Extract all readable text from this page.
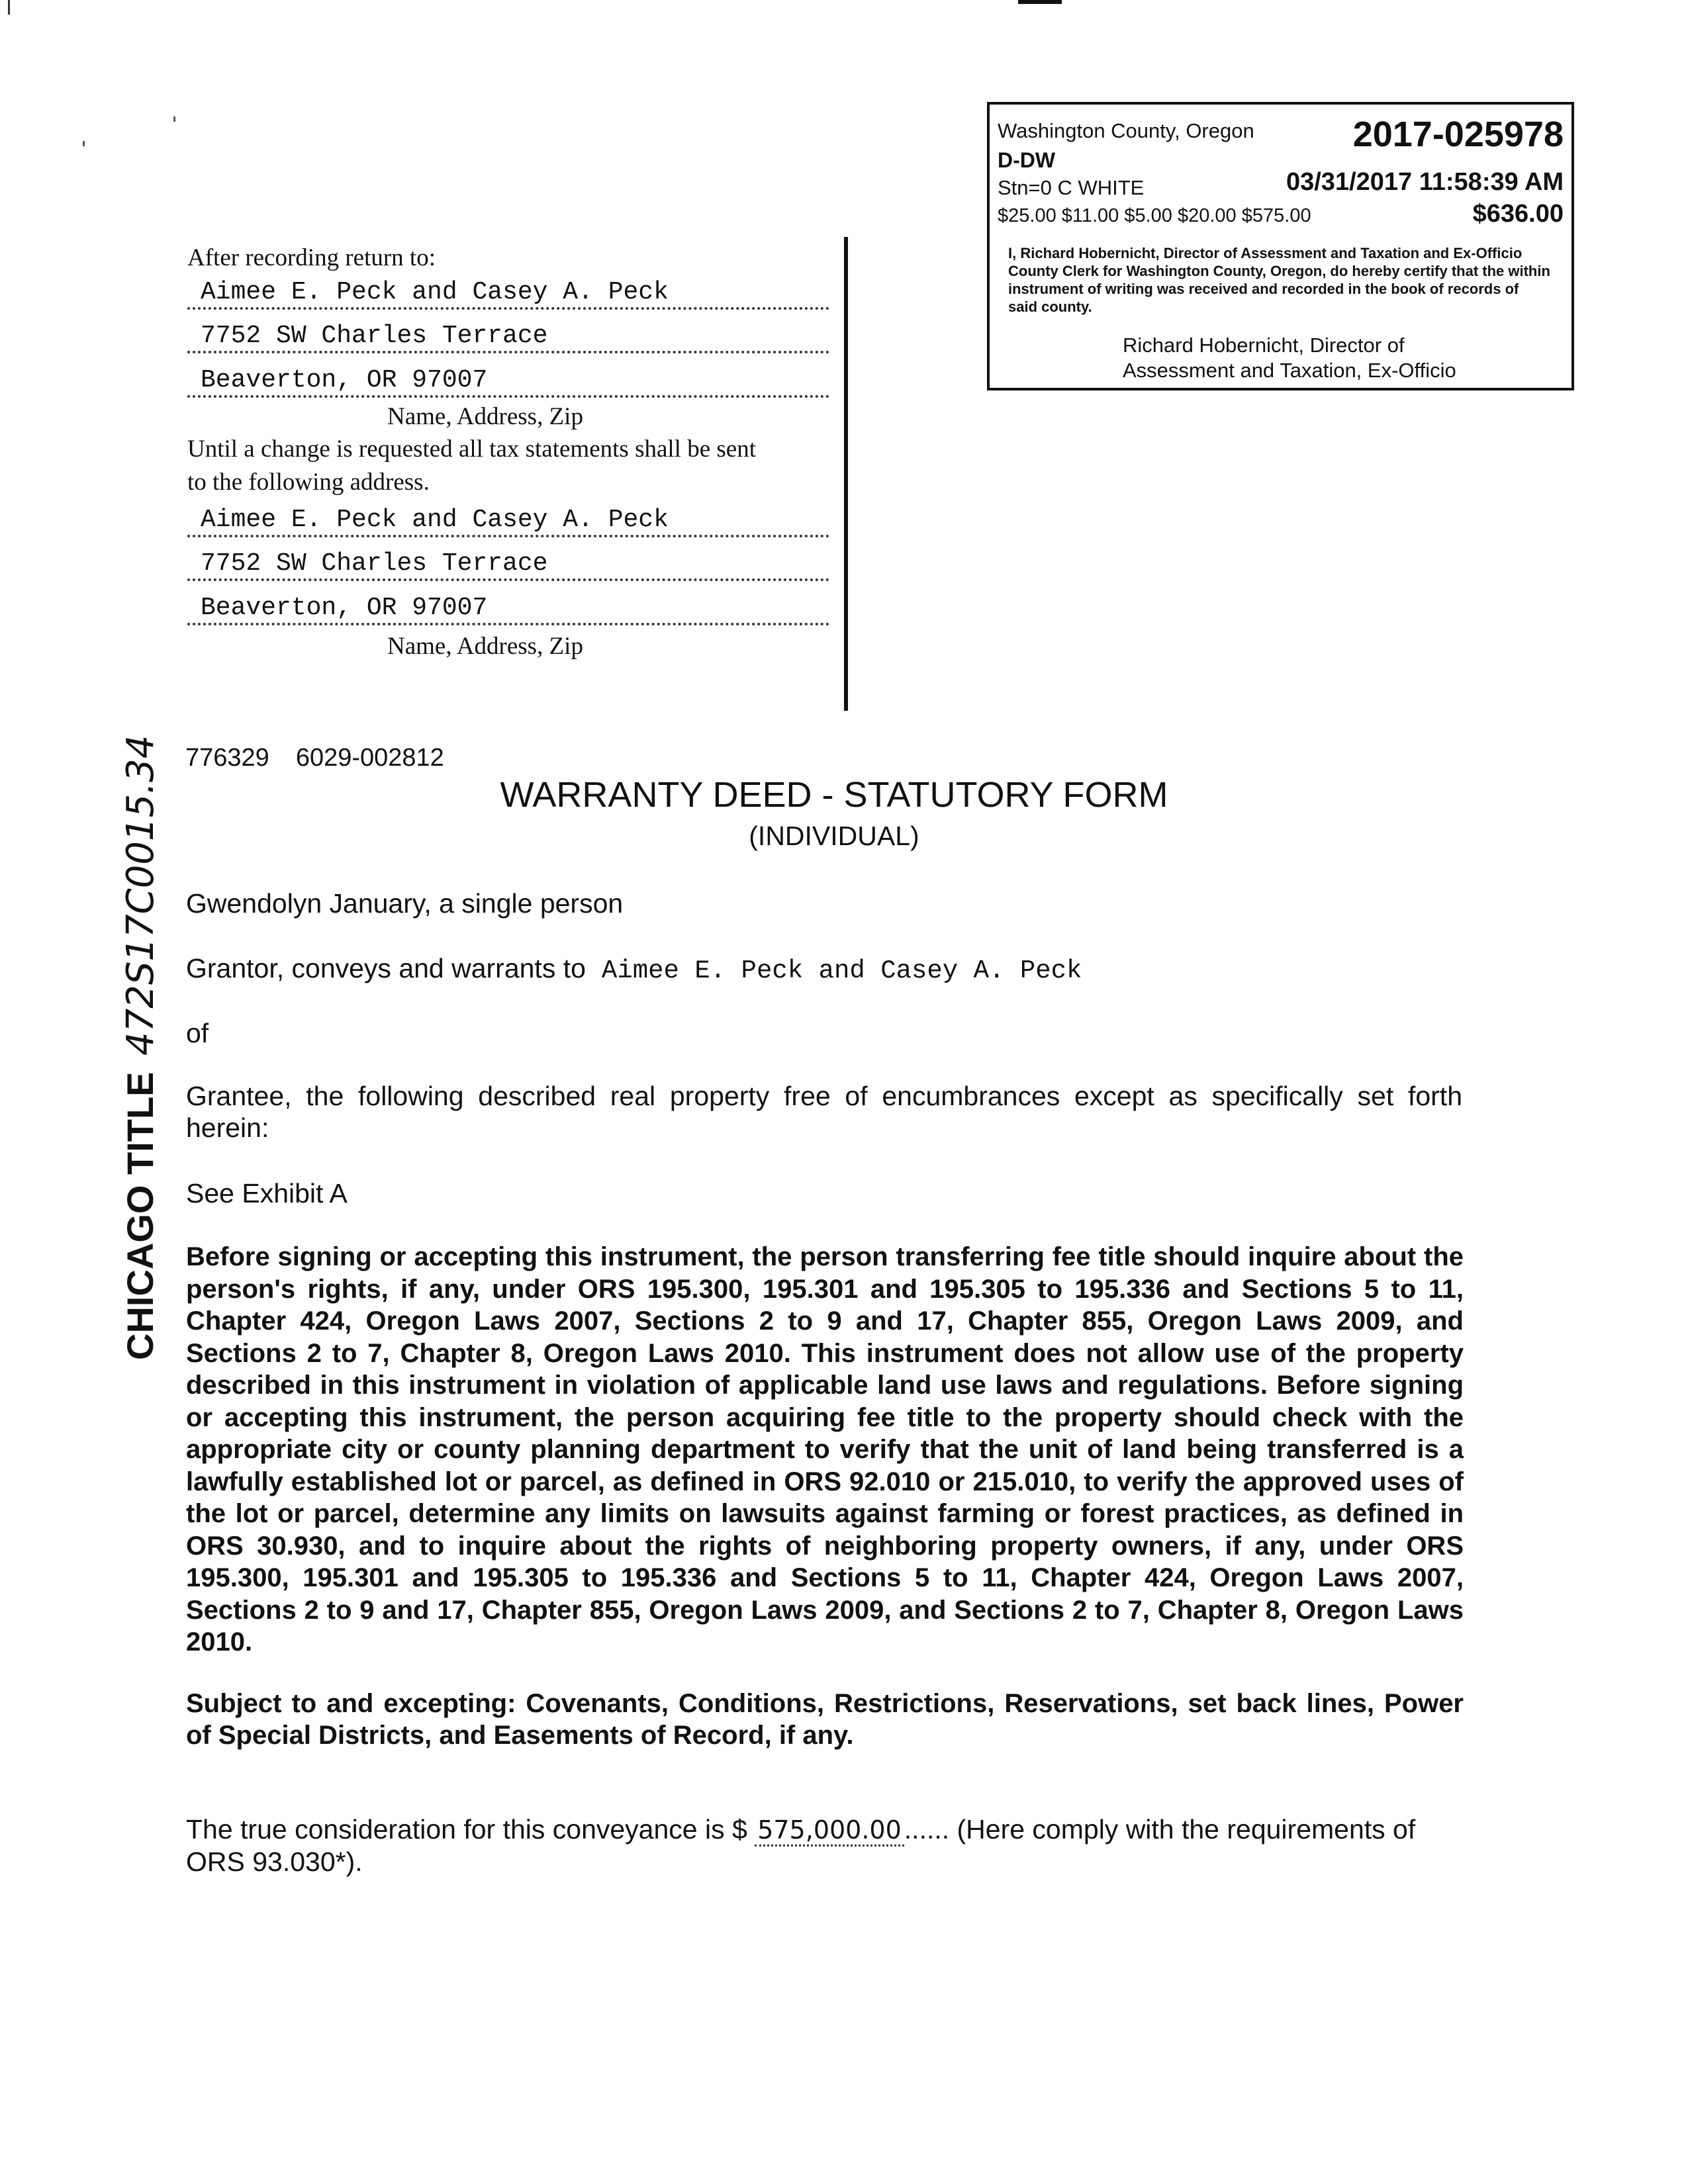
Washington County, Oregon	2017-025978
D-DW
Stn=0 C WHITE	03/31/2017 11:58:39 AM
$25.00 $11.00 $5.00 $20.00 $575.00	$636.00
I, Richard Hobernicht, Director of Assessment and Taxation and Ex-Officio County Clerk for Washington County, Oregon, do hereby certify that the within instrument of writing was received and recorded in the book of records of said county.
Richard Hobernicht, Director of
Assessment and Taxation, Ex-Officio
After recording return to:
Aimee E. Peck and Casey A. Peck
7752 SW Charles Terrace
Beaverton, OR 97007
Name, Address, Zip
Until a change is requested all tax statements shall be sent
to the following address.
Aimee E. Peck and Casey A. Peck
7752 SW Charles Terrace
Beaverton, OR 97007
Name, Address, Zip
CHICAGO TITLE 472S17C0015.34 776329 6029-002812
WARRANTY DEED - STATUTORY FORM
(INDIVIDUAL)
Gwendolyn January, a single person
Grantor, conveys and warrants to Aimee E. Peck and Casey A. Peck
of
Grantee, the following described real property free of encumbrances except as specifically set forth herein:
See Exhibit A
Before signing or accepting this instrument, the person transferring fee title should inquire about the person's rights, if any, under ORS 195.300, 195.301 and 195.305 to 195.336 and Sections 5 to 11, Chapter 424, Oregon Laws 2007, Sections 2 to 9 and 17, Chapter 855, Oregon Laws 2009, and Sections 2 to 7, Chapter 8, Oregon Laws 2010. This instrument does not allow use of the property described in this instrument in violation of applicable land use laws and regulations. Before signing or accepting this instrument, the person acquiring fee title to the property should check with the appropriate city or county planning department to verify that the unit of land being transferred is a lawfully established lot or parcel, as defined in ORS 92.010 or 215.010, to verify the approved uses of the lot or parcel, determine any limits on lawsuits against farming or forest practices, as defined in ORS 30.930, and to inquire about the rights of neighboring property owners, if any, under ORS 195.300, 195.301 and 195.305 to 195.336 and Sections 5 to 11, Chapter 424, Oregon Laws 2007, Sections 2 to 9 and 17, Chapter 855, Oregon Laws 2009, and Sections 2 to 7, Chapter 8, Oregon Laws 2010.
Subject to and excepting: Covenants, Conditions, Restrictions, Reservations, set back lines, Power of Special Districts, and Easements of Record, if any.
The true consideration for this conveyance is $ 575,000.00...... (Here comply with the requirements of ORS 93.030*).
